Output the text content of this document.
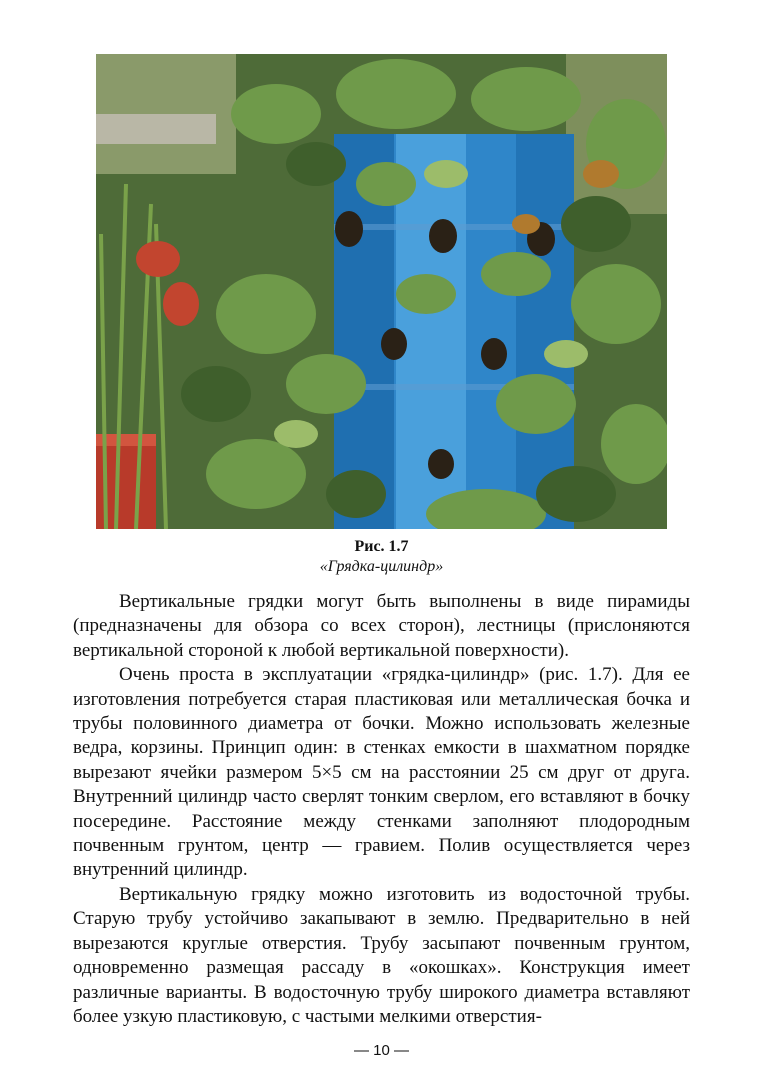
Рис. 1.7
«Грядка-цилиндр»

Вертикальные грядки могут быть выполнены в виде пирамиды (предназначены для обзора со всех сторон), лестницы (прислоняются вертикальной стороной к любой вертикальной поверхности).

Очень проста в эксплуатации «грядка-цилиндр» (рис. 1.7). Для ее изготовления потребуется старая пластиковая или металлическая бочка и трубы половинного диаметра от бочки. Можно использовать железные ведра, корзины. Принцип один: в стенках емкости в шахматном порядке вырезают ячейки размером 5×5 см на расстоянии 25 см друг от друга. Внутренний цилиндр часто сверлят тонким сверлом, его вставляют в бочку посередине. Расстояние между стенками заполняют плодородным почвенным грунтом, центр — гравием. Полив осуществляется через внутренний цилиндр.

Вертикальную грядку можно изготовить из водосточной трубы. Старую трубу устойчиво закапывают в землю. Предварительно в ней вырезаются круглые отверстия. Трубу засыпают почвенным грунтом, одновременно размещая рассаду в «окошках». Конструкция имеет различные варианты. В водосточную трубу широкого диаметра вставляют более узкую пластиковую, с частыми мелкими отверстия-

— 10 —
